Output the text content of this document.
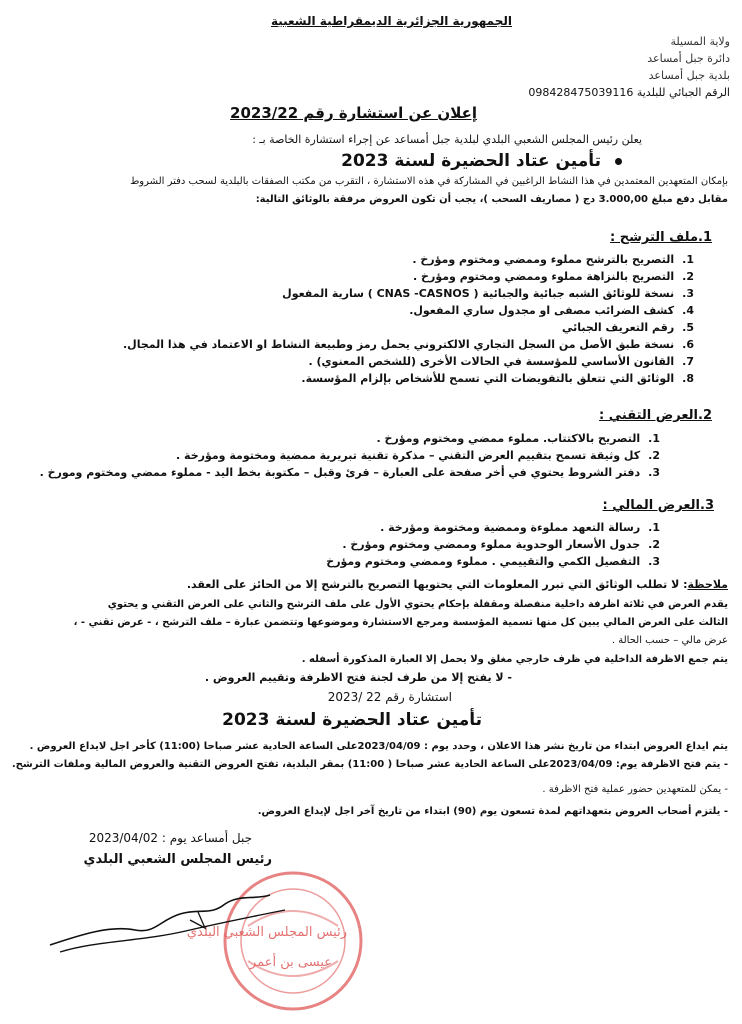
الجمهورية الجزائرية الديمقراطية الشعبية
ولاية المسيلة
دائرة جبل أمساعد
بلدية جبل أمساعد
الرقم الجبائي للبلدية 098428475039116
إعلان عن استشارة رقم 2023/22
يعلن رئيس المجلس الشعبي البلدي لبلدية جبل أمساعد عن إجراء استشارة الخاصة بـ :
تأمين عتاد الحضيرة لسنة 2023
بإمكان المتعهدين المعتمدين في هذا النشاط الراغبين في المشاركة في هذه الاستشارة ، التقرب من مكتب الصفقات بالبلدية لسحب دفتر الشروط
مقابل دفع مبلغ 3.000,00 دج ( مصاريف السحب )، يجب أن تكون العروض مرفقة بالوثائق التالية:
1.ملف الترشح :
1. التصريح بالترشح مملوء وممضي ومختوم ومؤرخ .
2. التصريح بالنزاهة مملوء وممضي ومختوم ومؤرخ .
3. نسخة للوثائق الشبه جبائية والجبائية ( CNAS -CASNOS ) سارية المفعول
4. كشف الضرائب مصفى او مجدول ساري المفعول.
5. رقم التعريف الجبائي
6. نسخة طبق الأصل من السجل التجاري الالكتروني يحمل رمز وطبيعة النشاط او الاعتماد في هذا المجال.
7. القانون الأساسي للمؤسسة في الحالات الأخرى (للشخص المعنوي) .
8. الوثائق التي تتعلق بالتفويضات التي تسمح للأشخاص بإلزام المؤسسة.
2.العرض التقني :
1. التصريح بالاكتتاب. مملوء ممضي ومختوم ومؤرخ .
2. كل وثيقة تسمح بتقييم العرض التقني – مذكرة تقنية تبريرية ممضية ومختومة ومؤرخة .
3. دفتر الشروط يحتوي في أخر صفحة على العبارة – قرئ وقبل – مكتوبة بخط اليد - مملوء ممضي ومختوم ومورخ .
3.العرض المالي :
1. رسالة التعهد مملوءة وممضية ومختومة ومؤرخة .
2. جدول الأسعار الوحدوية مملوء وممضي ومختوم ومؤرخ .
3. التفصيل الكمي والتقييمي . مملوء وممضي ومختوم ومؤرخ
ملاحظة: لا تطلب الوثائق التي تبرر المعلومات التي يحتويها التصريح بالترشح إلا من الحائز على العقد.
يقدم العرض في ثلاثة اظرفة داخلية منفصلة ومقفلة بإحكام يحتوي الأول على ملف الترشح والثاني على العرض التقني و يحتوي
الثالث على العرض المالي يبين كل منها تسمية المؤسسة ومرجع الاستشارة وموضوعها وتتضمن عبارة – ملف الترشح ، - عرض تقني - ،
عرض مالي – حسب الحالة .
يتم جمع الاظرفة الداخلية في ظرف خارجي مغلق ولا يحمل إلا العبارة المذكورة أسفله .
- لا يفتح إلا من طرف لجنة فتح الاظرفة وتقييم العروض .
استشارة رقم 22 /2023
تأمين عتاد الحضيرة لسنة 2023
يتم ايداع العروض ابتداء من تاريخ نشر هذا الاعلان ، وحدد يوم : 2023/04/09على الساعة الحادية عشر صباحا (11:00) كأخر اجل لايداع العروض .
- يتم فتح الاظرفة يوم: 2023/04/09على الساعة الحادية عشر صباحا ( 11:00) بمقر البلدية، تفتح العروض التقنية والعروض المالية وملفات الترشح.
- يمكن للمتعهدين حضور عملية فتح الاظرفة .
- يلتزم أصحاب العروض بتعهداتهم لمدة تسعون يوم (90) ابتداء من تاريخ آخر اجل لإيداع العروض.
جبل أمساعد يوم : 2023/04/02
رئيس المجلس الشعبي البلدي
رئيس المجلس الشعبي البلدي
عيسى بن أعمر
